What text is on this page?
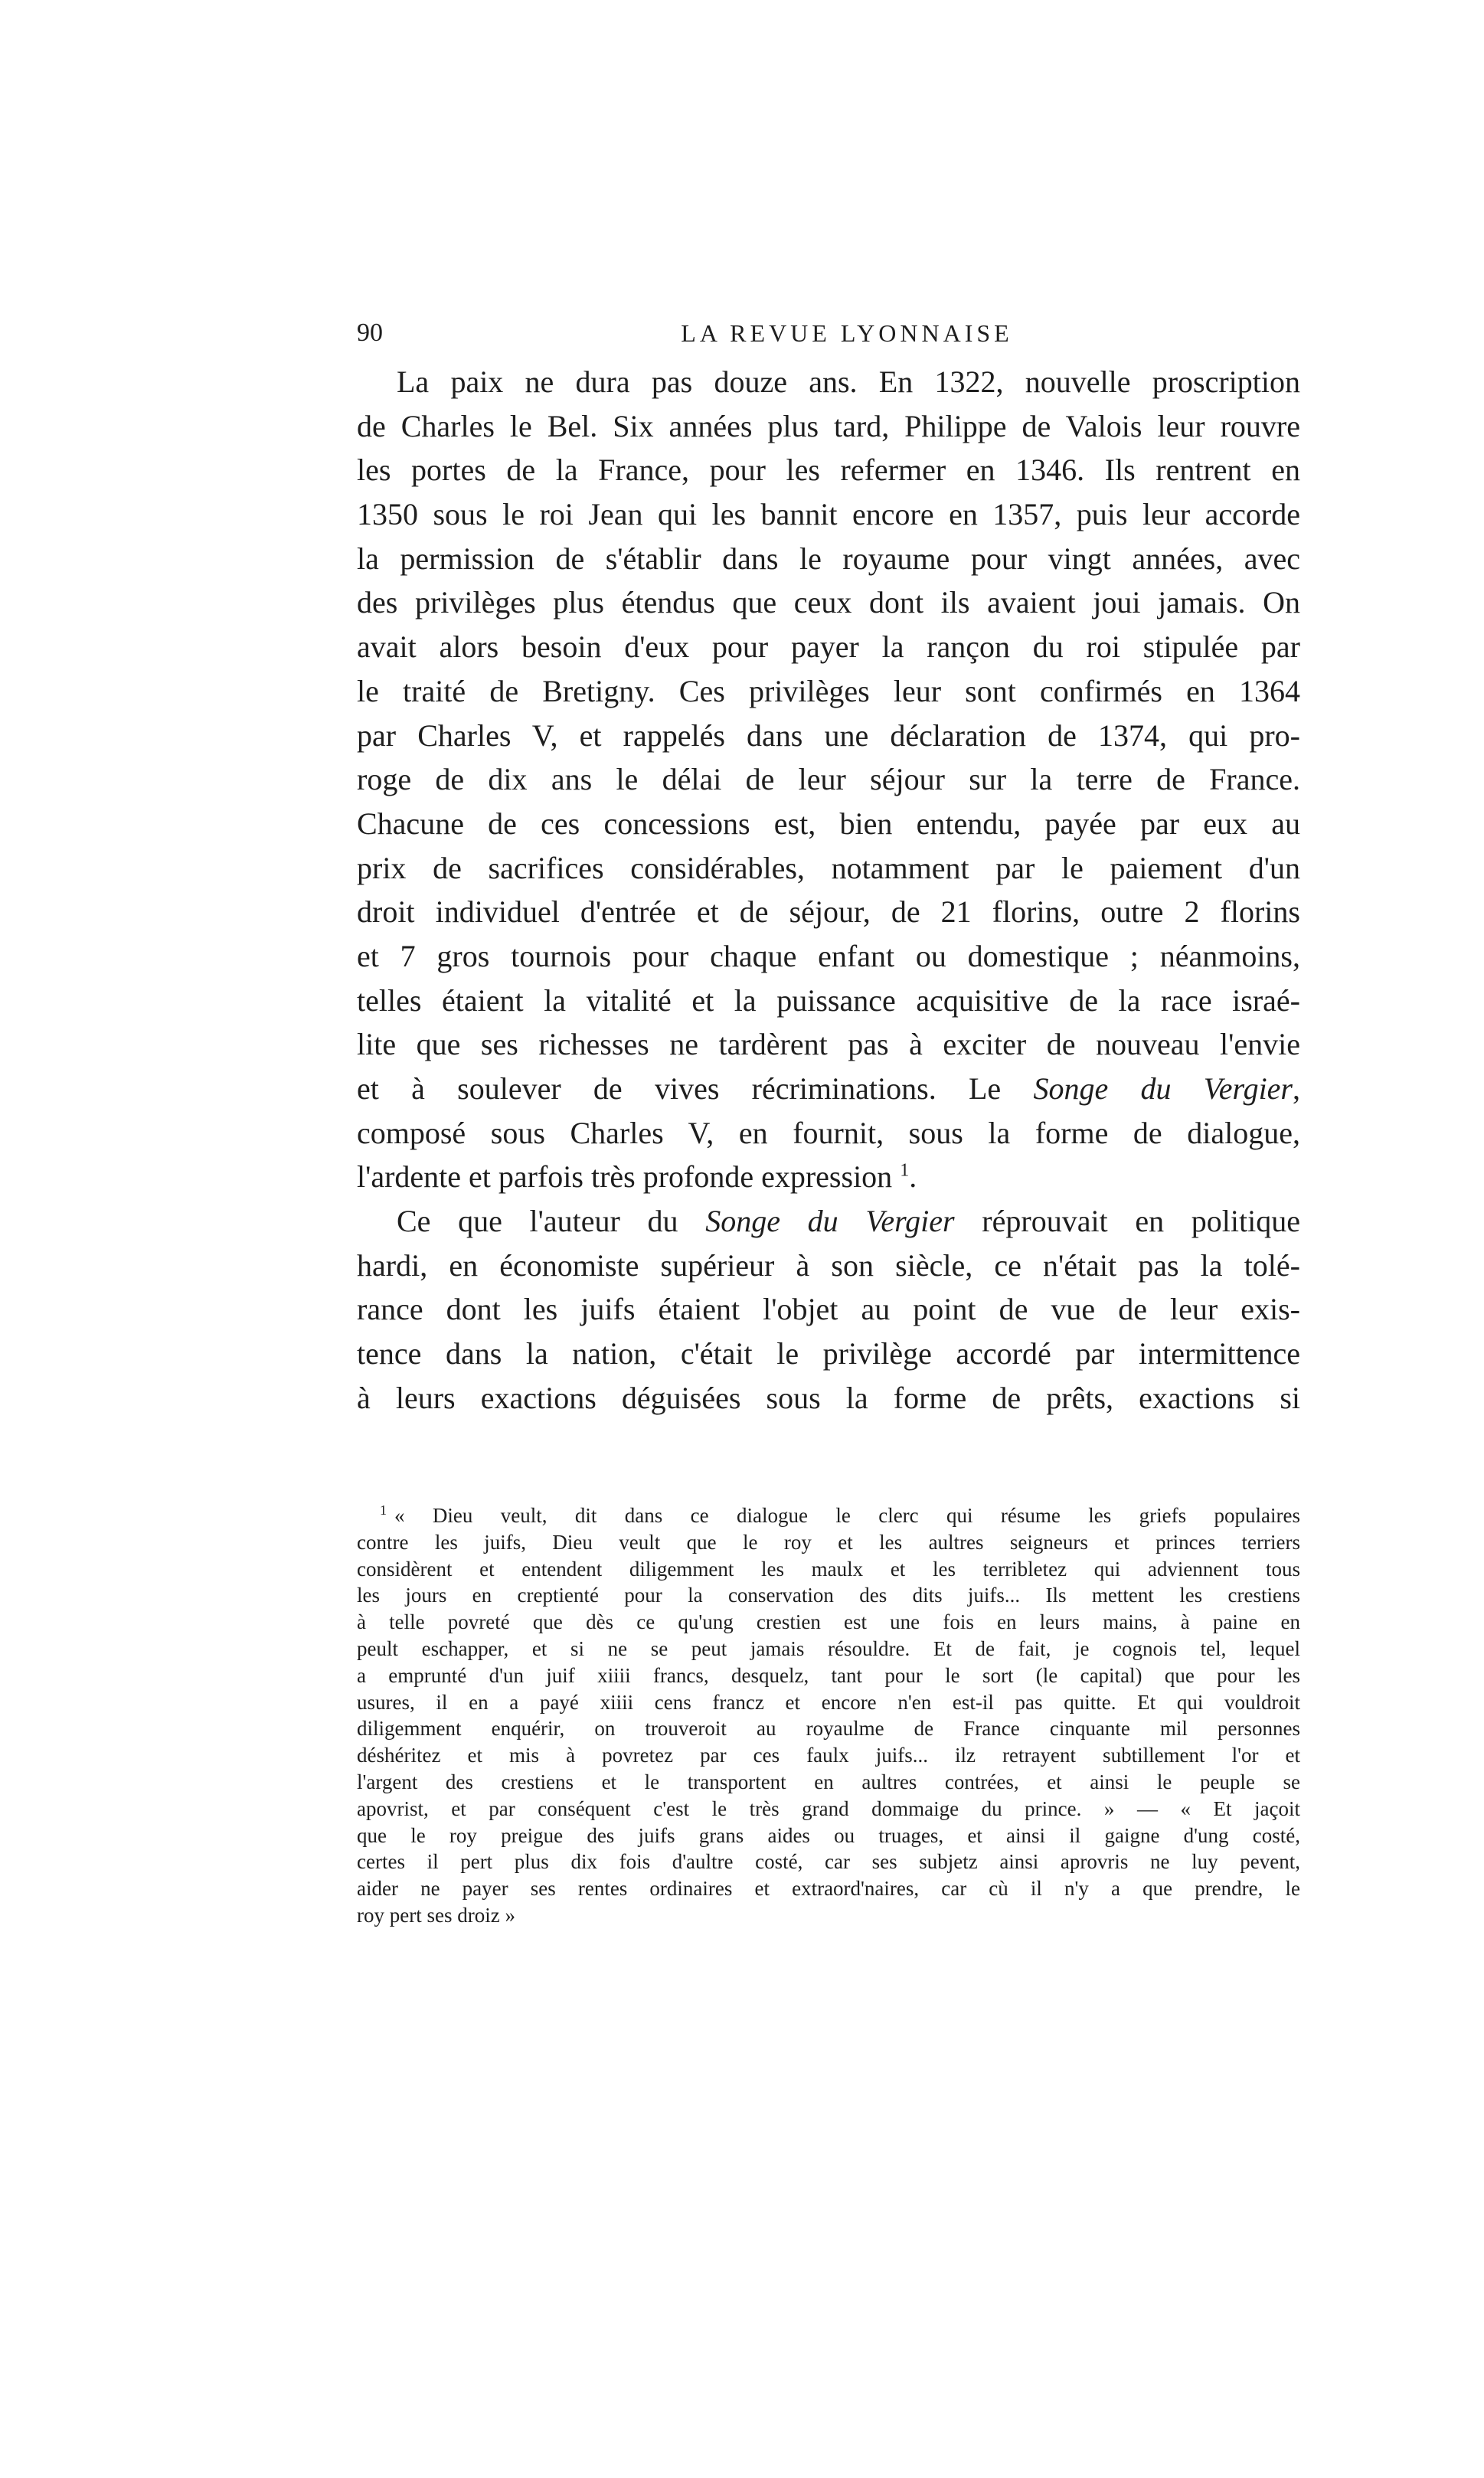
90	LA REVUE LYONNAISE
La paix ne dura pas douze ans. En 1322, nouvelle proscription
de Charles le Bel. Six années plus tard, Philippe de Valois leur rouvre
les portes de la France, pour les refermer en 1346. Ils rentrent en
1350 sous le roi Jean qui les bannit encore en 1357, puis leur accorde
la permission de s'établir dans le royaume pour vingt années, avec
des privilèges plus étendus que ceux dont ils avaient joui jamais. On
avait alors besoin d'eux pour payer la rançon du roi stipulée par
le traité de Bretigny. Ces privilèges leur sont confirmés en 1364
par Charles V, et rappelés dans une déclaration de 1374, qui pro-
roge de dix ans le délai de leur séjour sur la terre de France.
Chacune de ces concessions est, bien entendu, payée par eux au
prix de sacrifices considérables, notamment par le paiement d'un
droit individuel d'entrée et de séjour, de 21 florins, outre 2 florins
et 7 gros tournois pour chaque enfant ou domestique ; néanmoins,
telles étaient la vitalité et la puissance acquisitive de la race israé-
lite que ses richesses ne tardèrent pas à exciter de nouveau l'envie
et à soulever de vives récriminations. Le Songe du Vergier,
composé sous Charles V, en fournit, sous la forme de dialogue,
l'ardente et parfois très profonde expression $^1$.
Ce que l'auteur du Songe du Vergier réprouvait en politique
hardi, en économiste supérieur à son siècle, ce n'était pas la tolé-
rance dont les juifs étaient l'objet au point de vue de leur exis-
tence dans la nation, c'était le privilège accordé par intermittence
à leurs exactions déguisées sous la forme de prêts, exactions si
$^1$ « Dieu veult, dit dans ce dialogue le clerc qui résume les griefs populaires
contre les juifs, Dieu veult que le roy et les aultres seigneurs et princes terriers
considèrent et entendent diligemment les maulx et les terribletez qui adviennent tous
les jours en creptienté pour la conservation des dits juifs... Ils mettent les crestiens
à telle povreté que dès ce qu'ung crestien est une fois en leurs mains, à paine en
peult eschapper, et si ne se peut jamais résouldre. Et de fait, je cognois tel, lequel
a emprunté d'un juif xiiii francs, desquelz, tant pour le sort (le capital) que pour les
usures, il en a payé xiiii cens francz et encore n'en est-il pas quitte. Et qui vouldroit
diligemment enquérir, on trouveroit au royaulme de France cinquante mil personnes
déshéritez et mis à povretez par ces faulx juifs... ilz retrayent subtillement l'or et
l'argent des crestiens et le transportent en aultres contrées, et ainsi le peuple se
apovrist, et par conséquent c'est le très grand dommaige du prince. » — « Et jaçoit
que le roy preigue des juifs grans aides ou truages, et ainsi il gaigne d'ung costé,
certes il pert plus dix fois d'aultre costé, car ses subjetz ainsi aprovris ne luy pevent,
aider ne payer ses rentes ordinaires et extraord'naires, car cù il n'y a que prendre, le
roy pert ses droiz »
